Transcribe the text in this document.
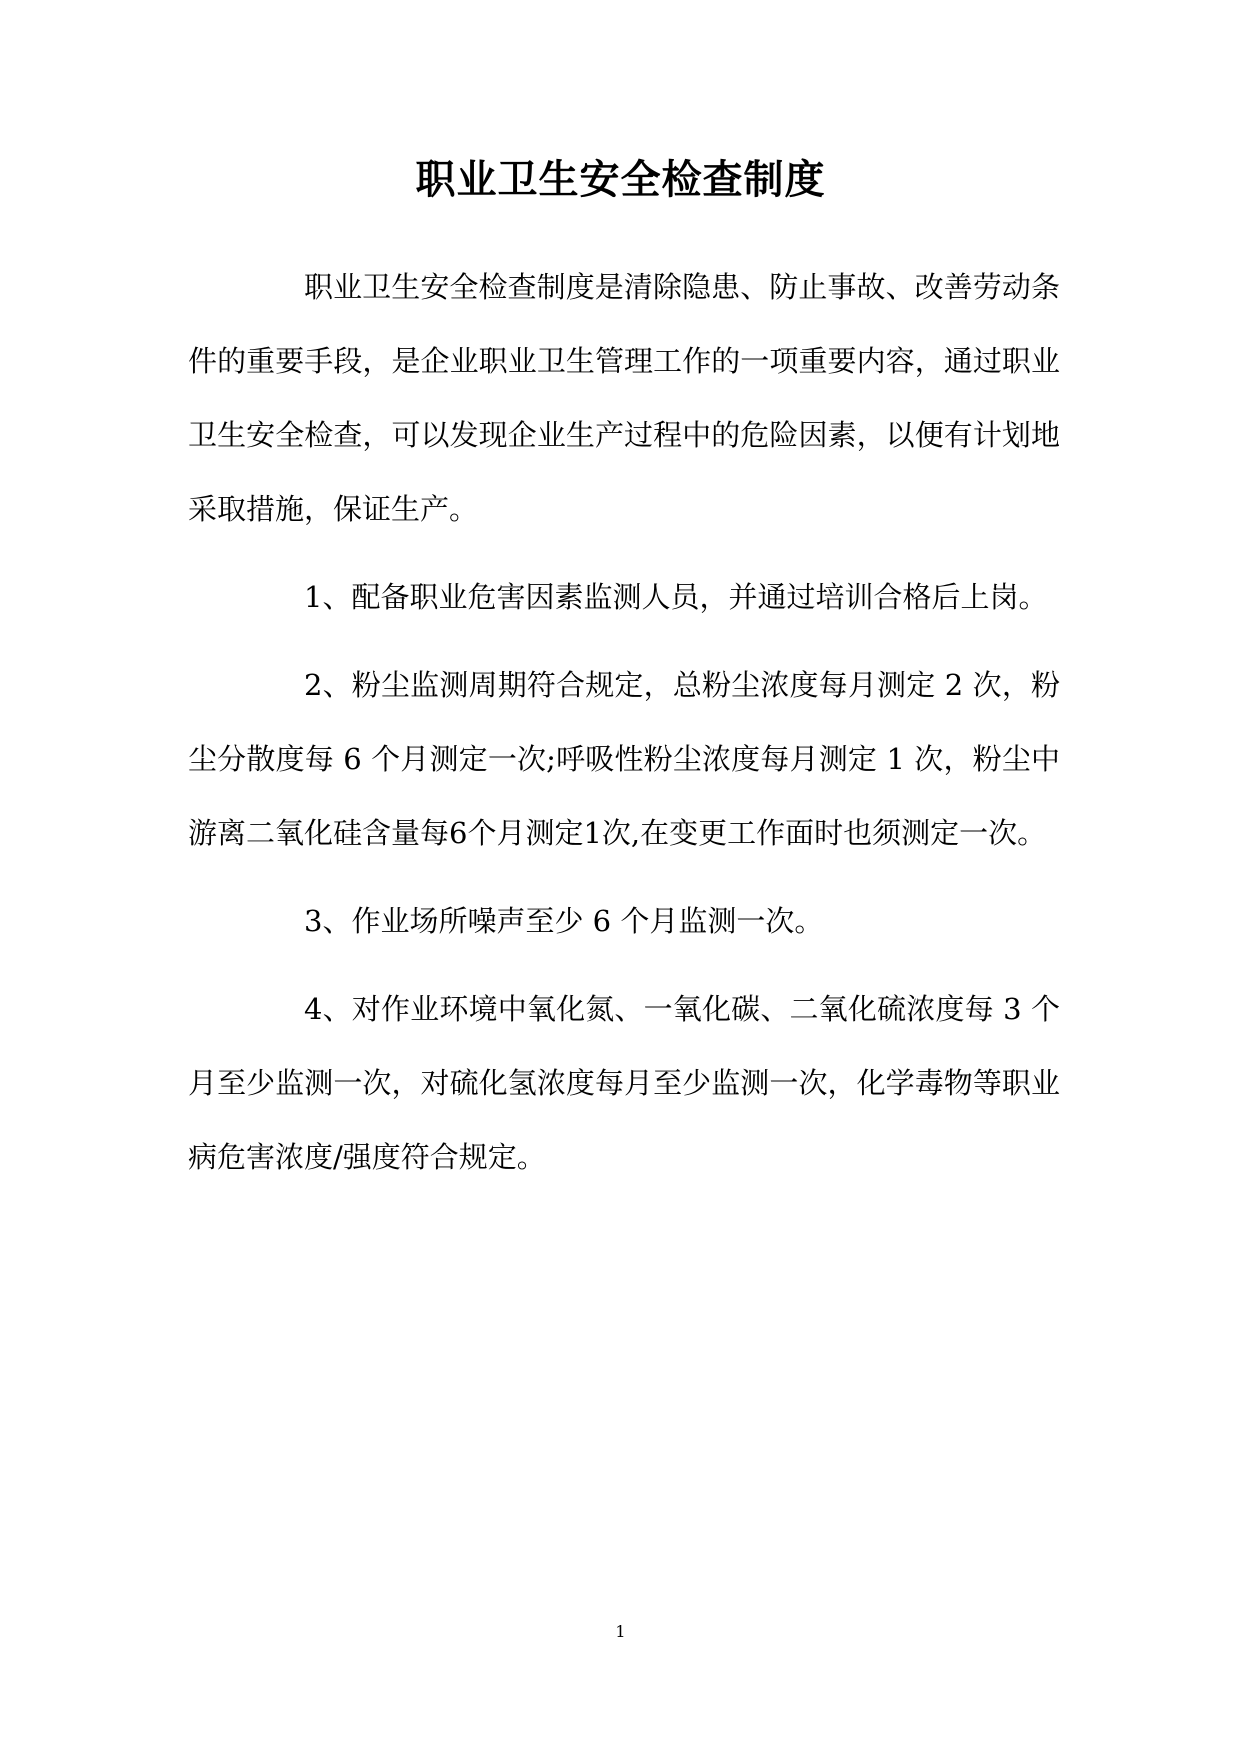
职业卫生安全检查制度

职业卫生安全检查制度是清除隐患、防止事故、改善劳动条件的重要手段，是企业职业卫生管理工作的一项重要内容，通过职业卫生安全检查，可以发现企业生产过程中的危险因素，以便有计划地采取措施，保证生产。

1、配备职业危害因素监测人员，并通过培训合格后上岗。

2、粉尘监测周期符合规定，总粉尘浓度每月测定 2 次，粉尘分散度每 6 个月测定一次;呼吸性粉尘浓度每月测定 1 次，粉尘中游离二氧化硅含量每6个月测定1次,在变更工作面时也须测定一次。

3、作业场所噪声至少 6 个月监测一次。

4、对作业环境中氧化氮、一氧化碳、二氧化硫浓度每 3 个月至少监测一次，对硫化氢浓度每月至少监测一次，化学毒物等职业病危害浓度/强度符合规定。

1
